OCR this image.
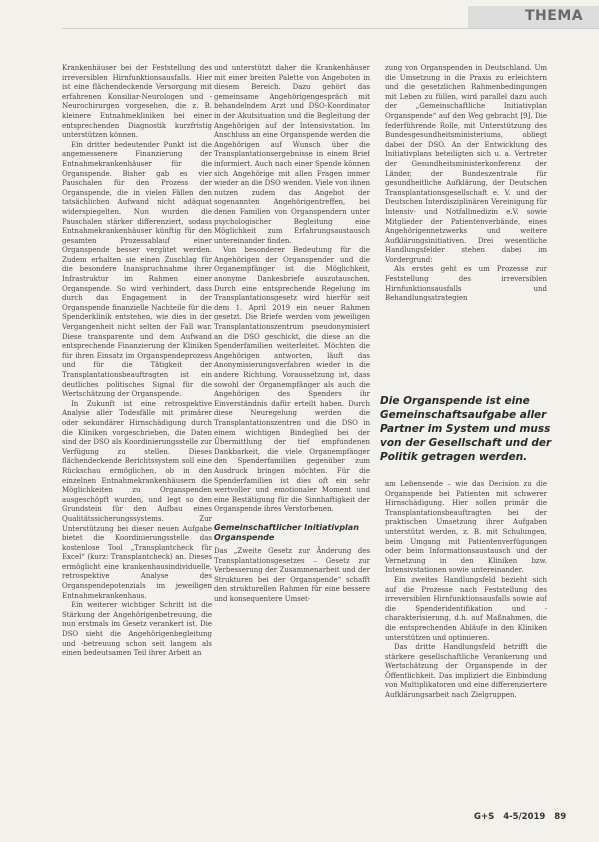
THEMA

Krankenhäuser bei der Feststellung des irreversiblen Hirnfunktionsausfalls. Hier ist eine flächendeckende Versorgung mit erfahrenen Konsiliar-Neurologen und -Neurochirurgen vorgesehen, die z. B. kleinere Entnahmekliniken bei einer entsprechenden Diagnostik kurzfristig unterstützen können.

Ein dritter bedeutender Punkt ist die angemessenere Finanzierung der Entnahmekrankenhäuser für die Organspende. Bisher gab es vier Pauschalen für den Prozess der Organspende, die in vielen Fällen den tatsächlichen Aufwand nicht adäquat widerspiegelten. Nun wurden die Pauschalen stärker differenziert, sodass Entnahmekrankenhäuser künftig für den gesamten Prozessablauf einer Organspende besser vergütet werden. Zudem erhalten sie einen Zuschlag für die besondere Inanspruchnahme ihrer Infrastruktur im Rahmen einer Organspende. So wird verhindert, dass durch das Engagement in der Organspende finanzielle Nachteile für die Spenderklinik entstehen, wie dies in der Vergangenheit nicht selten der Fall war. Diese transparente und dem Aufwand entsprechende Finanzierung der Kliniken für ihren Einsatz im Organspendeprozess und für die Tätigkeit der Transplantationsbeauftragten ist ein deutliches politisches Signal für die Wertschätzung der Organspende.

In Zukunft ist eine retrospektive Analyse aller Todesfälle mit primärer oder sekundärer Hirnschädigung durch die Kliniken vorgeschrieben, die Daten sind der DSO als Koordinierungsstelle zur Verfügung zu stellen. Dieses flächendeckende Berichtssystem soll eine Rückschau ermöglichen, ob in den einzelnen Entnahmekrankenhäusern die Möglichkeiten zu Organspenden ausgeschöpft wurden, und legt so den Grundstein für den Aufbau eines Qualitätssicherungssystems. Zur Unterstützung bei dieser neuen Aufgabe bietet die Koordinierungsstelle das kostenlose Tool „Transplantcheck für Excel“ (kurz: Transplantcheck) an. Dieses ermöglicht eine krankenhausindividuelle, retrospektive Analyse des Organspendepotenzials im jeweiligen Entnahmekrankenhaus.

Ein weiterer wichtiger Schritt ist die Stärkung der Angehörigenbetreuung, die nun erstmals im Gesetz verankert ist. Die DSO sieht die Angehörigenbegleitung und -betreuung schon seit langem als einen bedeutsamen Teil ihrer Arbeit an

und unterstützt daher die Krankenhäuser mit einer breiten Palette von Angeboten in diesem Bereich. Dazu gehört das gemeinsame Angehörigengespräch mit behandelndem Arzt und DSO-Koordinator in der Akutsituation und die Begleitung der Angehörigen auf der Intensivstation. Im Anschluss an eine Organspende werden die Angehörigen auf Wunsch über die Transplantationsergebnisse in einem Brief informiert. Auch nach einer Spende können sich Angehörige mit allen Fragen immer wieder an die DSO wenden. Viele von ihnen nutzen zudem das Angebot der sogenannten Angehörigentreffen, bei denen Familien von Organspendern unter psychologischer Begleitung eine Möglichkeit zum Erfahrungsaustausch untereinander finden.

Von besonderer Bedeutung für die Angehörigen der Organspender und die Organempfänger ist die Möglichkeit, anonyme Dankesbriefe auszutauschen. Durch eine entsprechende Regelung im Transplantationsgesetz wird hierfür seit dem 1. April 2019 ein neuer Rahmen gesetzt. Die Briefe werden vom jeweiligen Transplantationszentrum pseudonymisiert an die DSO geschickt, die diese an die Spenderfamilien weiterleitet. Möchten die Angehörigen antworten, läuft das Anonymisierungsverfahren wieder in die andere Richtung. Voraussetzung ist, dass sowohl der Organempfänger als auch die Angehörigen des Spenders ihr Einverständnis dafür erteilt haben. Durch diese Neuregelung werden die Transplantationszentren und die DSO in einem wichtigen Bindeglied bei der Übermittlung der tief empfundenen Dankbarkeit, die viele Organempfänger den Spenderfamilien gegenüber zum Ausdruck bringen möchten. Für die Spenderfamilien ist dies oft ein sehr wertvoller und emotionaler Moment und eine Bestätigung für die Sinnhaftigkeit der Organspende ihres Verstorbenen.

Gemeinschaftlicher Initiativplan Organspende

Das „Zweite Gesetz zur Änderung des Transplantationsgesetzes – Gesetz zur Verbesserung der Zusammenarbeit und der Strukturen bei der Organspende“ schafft den strukturellen Rahmen für eine bessere und konsequentere Umset-

zung von Organspenden in Deutschland. Um die Umsetzung in die Praxis zu erleichtern und die gesetzlichen Rahmenbedingungen mit Leben zu füllen, wird parallel dazu auch der „Gemeinschaftliche Initiativplan Organspende“ auf den Weg gebracht [9]. Die federführende Rolle, mit Unterstützung des Bundesgesundheitsministeriums, obliegt dabei der DSO. An der Entwicklung des Initiativplans beteiligten sich u. a. Vertreter der Gesundheitsministerkonferenz der Länder, der Bundeszentrale für gesundheitliche Aufklärung, der Deutschen Transplantationsgesellschaft e. V. und der Deutschen Interdisziplinären Vereinigung für Intensiv- und Notfallmedizin e.V. sowie Mitglieder der Patientenverbände, eines Angehörigennetzwerks und weitere Aufklärungsinitiativen. Drei wesentliche Handlungsfelder stehen dabei im Vordergrund:

Als erstes geht es um Prozesse zur Feststellung des irreversiblen Hirnfunktionsausfalls und Behandlungsstrategien

Die Organspende ist eine Gemeinschaftsaufgabe aller Partner im System und muss von der Gesellschaft und der Politik getragen werden.

am Lebensende – wie das Decision zu die Organspende bei Patienten mit schwerer Hirnschädigung. Hier sollen primär die Transplantationsbeauftragten bei der praktischen Umsetzung ihrer Aufgaben unterstützt werden, z. B. mit Schulungen, beim Umgang mit Patientenverfügungen oder beim Informationsaustausch und der Vernetzung in den Kliniken bzw. Intensivstationen sowie untereinander.

Ein zweites Handlungsfeld bezieht sich auf die Prozesse nach Feststellung des irreversiblen Hirnfunktionsausfalls sowie auf die Spenderidentifikation und -charakterisierung, d.h. auf Maßnahmen, die die entsprechenden Abläufe in den Kliniken unterstützen und optimieren.

Das dritte Handlungsfeld betrifft die stärkere gesellschaftliche Verankerung und Wertschätzung der Organspende in der Öffentlichkeit. Das impliziert die Einbindung von Multiplikatoren und eine differenziertere Aufklärungsarbeit nach Zielgruppen.

G+S 4-5/2019 89
